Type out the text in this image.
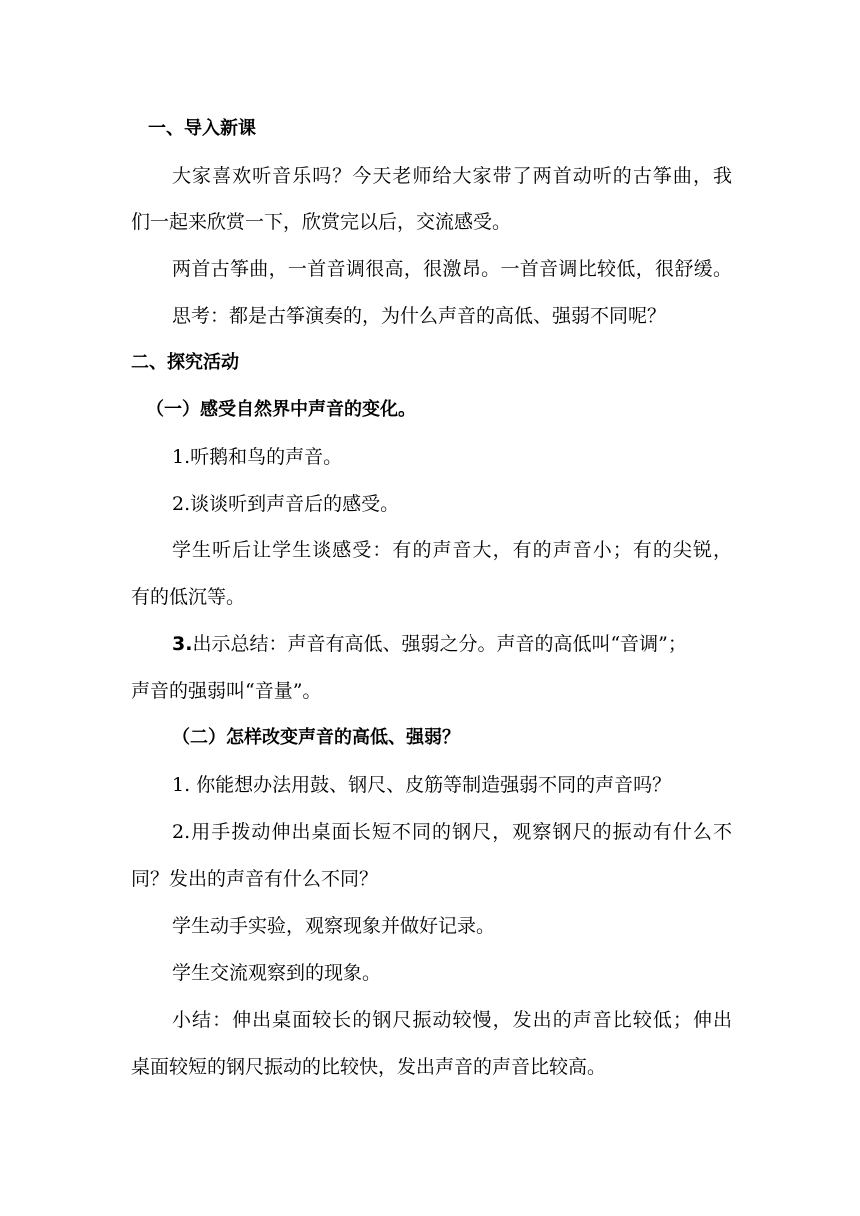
一、导入新课
大家喜欢听音乐吗？今天老师给大家带了两首动听的古筝曲，我
们一起来欣赏一下，欣赏完以后，交流感受。
两首古筝曲，一首音调很高，很激昂。一首音调比较低，很舒缓。
思考：都是古筝演奏的，为什么声音的高低、强弱不同呢？
二、探究活动
（一）感受自然界中声音的变化。
1.听鹅和鸟的声音。
2.谈谈听到声音后的感受。
学生听后让学生谈感受：有的声音大，有的声音小；有的尖锐，
有的低沉等。
3.出示总结：声音有高低、强弱之分。声音的高低叫“音调”；
声音的强弱叫“音量”。
（二）怎样改变声音的高低、强弱？
1. 你能想办法用鼓、钢尺、皮筋等制造强弱不同的声音吗？
2.用手拨动伸出桌面长短不同的钢尺，观察钢尺的振动有什么不
同？发出的声音有什么不同？
学生动手实验，观察现象并做好记录。
学生交流观察到的现象。
小结：伸出桌面较长的钢尺振动较慢，发出的声音比较低；伸出
桌面较短的钢尺振动的比较快，发出声音的声音比较高。
